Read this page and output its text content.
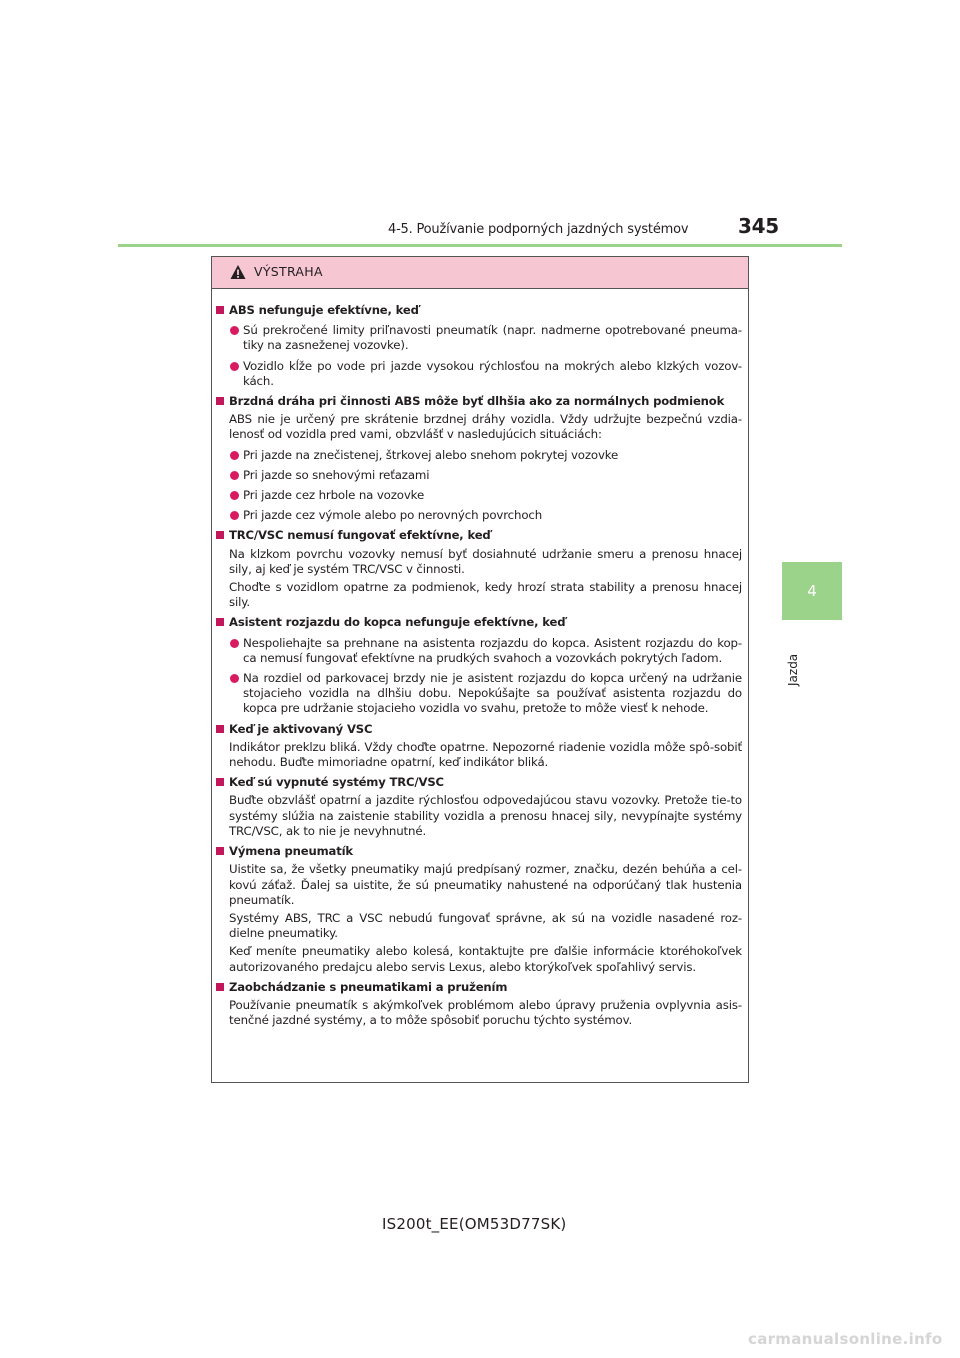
4-5. Používanie podporných jazdných systémov 345
4
Jazda
VÝSTRAHA
ABS nefunguje efektívne, keď
Sú prekročené limity priľnavosti pneumatík (napr. nadmerne opotrebované pneuma-tiky na zasneženej vozovke).
Vozidlo kĺže po vode pri jazde vysokou rýchlosťou na mokrých alebo klzkých vozov-kách.
Brzdná dráha pri činnosti ABS môže byť dlhšia ako za normálnych podmienok
ABS nie je určený pre skrátenie brzdnej dráhy vozidla. Vždy udržujte bezpečnú vzdia-lenosť od vozidla pred vami, obzvlášť v nasledujúcich situáciách:
Pri jazde na znečistenej, štrkovej alebo snehom pokrytej vozovke
Pri jazde so snehovými reťazami
Pri jazde cez hrbole na vozovke
Pri jazde cez výmole alebo po nerovných povrchoch
TRC/VSC nemusí fungovať efektívne, keď
Na klzkom povrchu vozovky nemusí byť dosiahnuté udržanie smeru a prenosu hnacej sily, aj keď je systém TRC/VSC v činnosti.
Choďte s vozidlom opatrne za podmienok, kedy hrozí strata stability a prenosu hnacej sily.
Asistent rozjazdu do kopca nefunguje efektívne, keď
Nespoliehajte sa prehnane na asistenta rozjazdu do kopca. Asistent rozjazdu do kop-ca nemusí fungovať efektívne na prudkých svahoch a vozovkách pokrytých ľadom.
Na rozdiel od parkovacej brzdy nie je asistent rozjazdu do kopca určený na udržanie stojacieho vozidla na dlhšiu dobu. Nepokúšajte sa používať asistenta rozjazdu do kopca pre udržanie stojacieho vozidla vo svahu, pretože to môže viesť k nehode.
Keď je aktivovaný VSC
Indikátor preklzu bliká. Vždy choďte opatrne. Nepozorné riadenie vozidla môže spô-sobiť nehodu. Buďte mimoriadne opatrní, keď indikátor bliká.
Keď sú vypnuté systémy TRC/VSC
Buďte obzvlášť opatrní a jazdite rýchlosťou odpovedajúcou stavu vozovky. Pretože tie-to systémy slúžia na zaistenie stability vozidla a prenosu hnacej sily, nevypínajte systémy TRC/VSC, ak to nie je nevyhnutné.
Výmena pneumatík
Uistite sa, že všetky pneumatiky majú predpísaný rozmer, značku, dezén behúňa a cel-kovú záťaž. Ďalej sa uistite, že sú pneumatiky nahustené na odporúčaný tlak hustenia pneumatík.
Systémy ABS, TRC a VSC nebudú fungovať správne, ak sú na vozidle nasadené roz-dielne pneumatiky.
Keď meníte pneumatiky alebo kolesá, kontaktujte pre ďalšie informácie ktoréhokoľvek autorizovaného predajcu alebo servis Lexus, alebo ktorýkoľvek spoľahlivý servis.
Zaobchádzanie s pneumatikami a pružením
Používanie pneumatík s akýmkoľvek problémom alebo úpravy pruženia ovplyvnia asis-tenčné jazdné systémy, a to môže spôsobiť poruchu týchto systémov.
IS200t_EE(OM53D77SK)
carmanualsonline.info
